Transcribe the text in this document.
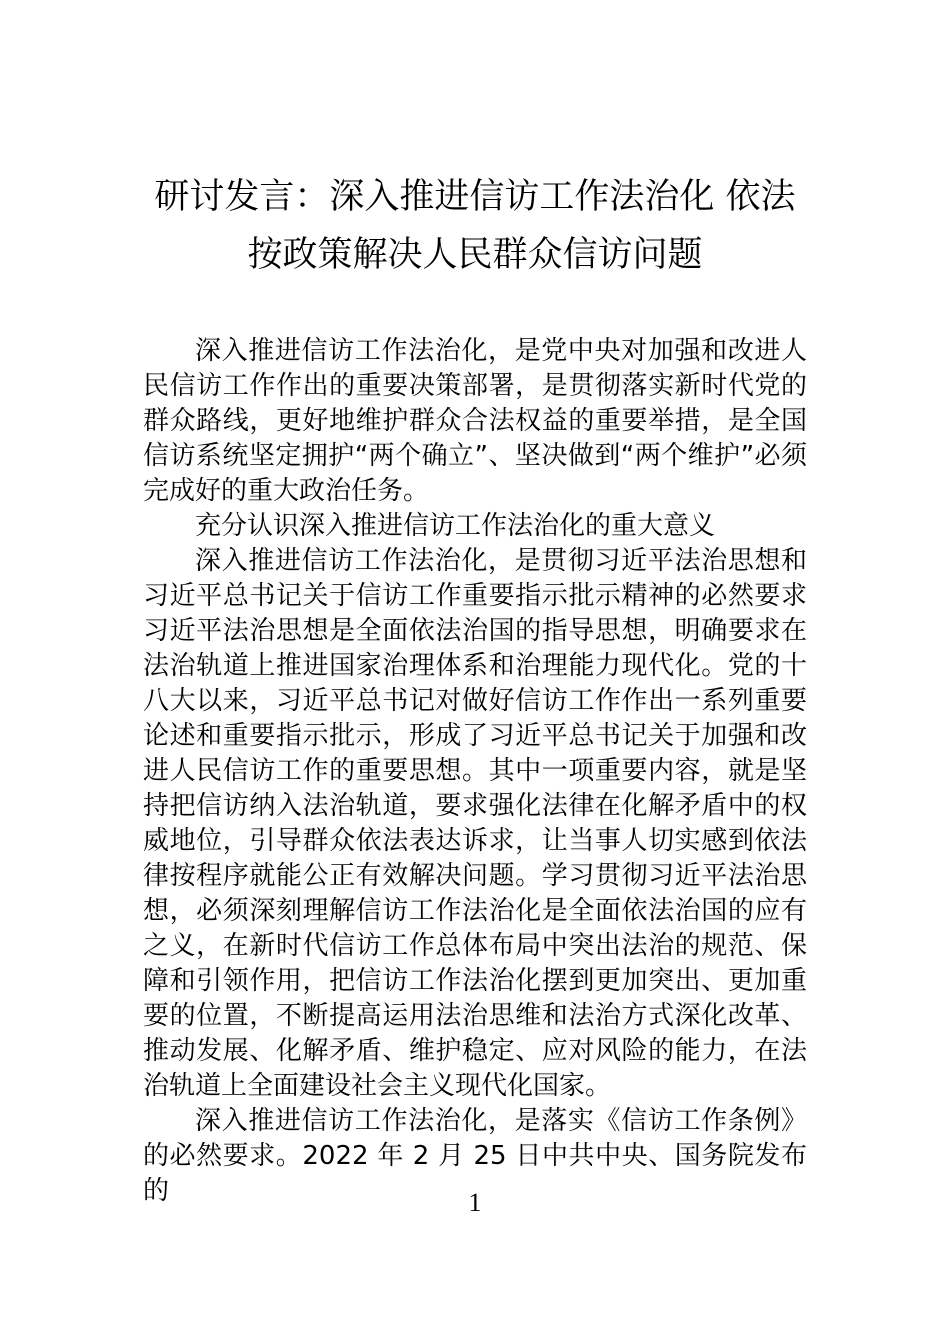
研讨发言：深入推进信访工作法治化 依法
按政策解决人民群众信访问题

深入推进信访工作法治化，是党中央对加强和改进人民信访工作作出的重要决策部署，是贯彻落实新时代党的群众路线，更好地维护群众合法权益的重要举措，是全国信访系统坚定拥护“两个确立”、坚决做到“两个维护”必须完成好的重大政治任务。

充分认识深入推进信访工作法治化的重大意义

深入推进信访工作法治化，是贯彻习近平法治思想和习近平总书记关于信访工作重要指示批示精神的必然要求习近平法治思想是全面依法治国的指导思想，明确要求在法治轨道上推进国家治理体系和治理能力现代化。党的十八大以来，习近平总书记对做好信访工作作出一系列重要论述和重要指示批示，形成了习近平总书记关于加强和改进人民信访工作的重要思想。其中一项重要内容，就是坚持把信访纳入法治轨道，要求强化法律在化解矛盾中的权威地位，引导群众依法表达诉求，让当事人切实感到依法律按程序就能公正有效解决问题。学习贯彻习近平法治思想，必须深刻理解信访工作法治化是全面依法治国的应有之义，在新时代信访工作总体布局中突出法治的规范、保障和引领作用，把信访工作法治化摆到更加突出、更加重要的位置，不断提高运用法治思维和法治方式深化改革、推动发展、化解矛盾、维护稳定、应对风险的能力，在法治轨道上全面建设社会主义现代化国家。

深入推进信访工作法治化，是落实《信访工作条例》的必然要求。2022 年 2 月 25 日中共中央、国务院发布的	1
